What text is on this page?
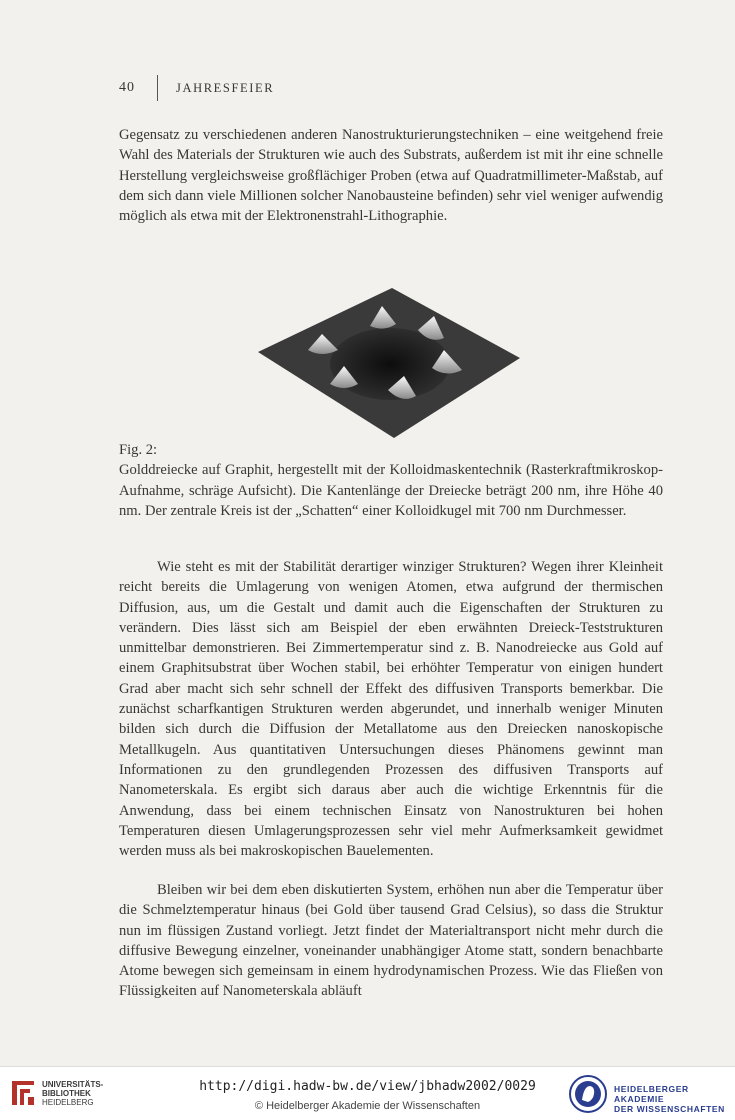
40	JAHRESFEIER

Gegensatz zu verschiedenen anderen Nanostrukturierungstechniken – eine weitgehend freie Wahl des Materials der Strukturen wie auch des Substrats, außerdem ist mit ihr eine schnelle Herstellung vergleichsweise großflächiger Proben (etwa auf Quadratmillimeter-Maßstab, auf dem sich dann viele Millionen solcher Nanobausteine befinden) sehr viel weniger aufwendig möglich als etwa mit der Elektronenstrahl-Lithographie.

Fig. 2:
Golddreiecke auf Graphit, hergestellt mit der Kolloidmaskentechnik (Rasterkraftmikroskop-Aufnahme, schräge Aufsicht). Die Kantenlänge der Dreiecke beträgt 200 nm, ihre Höhe 40 nm. Der zentrale Kreis ist der „Schatten“ einer Kolloidkugel mit 700 nm Durchmesser.

Wie steht es mit der Stabilität derartiger winziger Strukturen? Wegen ihrer Kleinheit reicht bereits die Umlagerung von wenigen Atomen, etwa aufgrund der thermischen Diffusion, aus, um die Gestalt und damit auch die Eigenschaften der Strukturen zu verändern. Dies lässt sich am Beispiel der eben erwähnten Dreieck-Teststrukturen unmittelbar demonstrieren. Bei Zimmertemperatur sind z. B. Nanodreiecke aus Gold auf einem Graphitsubstrat über Wochen stabil, bei erhöhter Temperatur von einigen hundert Grad aber macht sich sehr schnell der Effekt des diffusiven Transports bemerkbar. Die zunächst scharfkantigen Strukturen werden abgerundet, und innerhalb weniger Minuten bilden sich durch die Diffusion der Metallatome aus den Dreiecken nanoskopische Metallkugeln. Aus quantitativen Untersuchungen dieses Phänomens gewinnt man Informationen zu den grundlegenden Prozessen des diffusiven Transports auf Nanometerskala. Es ergibt sich daraus aber auch die wichtige Erkenntnis für die Anwendung, dass bei einem technischen Einsatz von Nanostrukturen bei hohen Temperaturen diesen Umlagerungsprozessen sehr viel mehr Aufmerksamkeit gewidmet werden muss als bei makroskopischen Bauelementen.

Bleiben wir bei dem eben diskutierten System, erhöhen nun aber die Temperatur über die Schmelztemperatur hinaus (bei Gold über tausend Grad Celsius), so dass die Struktur nun im flüssigen Zustand vorliegt. Jetzt findet der Materialtransport nicht mehr durch die diffusive Bewegung einzelner, voneinander unabhängiger Atome statt, sondern benachbarte Atome bewegen sich gemeinsam in einem hydrodynamischen Prozess. Wie das Fließen von Flüssigkeiten auf Nanometerskala abläuft

UNIVERSITÄTS-
BIBLIOTHEK
HEIDELBERG
http://digi.hadw-bw.de/view/jbhadw2002/0029
© Heidelberger Akademie der Wissenschaften
HEIDELBERGER AKADEMIE
DER WISSENSCHAFTEN
